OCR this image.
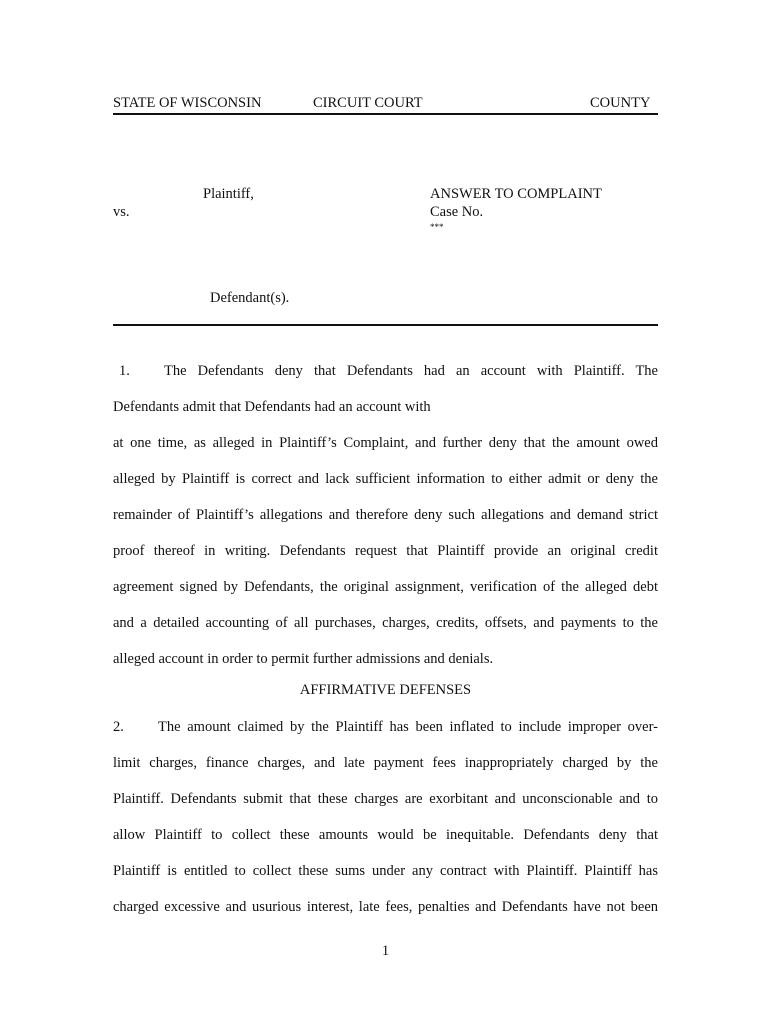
STATE OF WISCONSIN	CIRCUIT COURT	COUNTY
Plaintiff,
vs.
Defendant(s).
ANSWER TO COMPLAINT
Case No.
***
1. The Defendants deny that Defendants had an account with Plaintiff. The
Defendants admit that Defendants had an account with
at one time, as alleged in Plaintiff’s Complaint, and further deny that the amount owed
alleged by Plaintiff is correct and lack sufficient information to either admit or deny the
remainder of Plaintiff’s allegations and therefore deny such allegations and demand strict
proof thereof in writing. Defendants request that Plaintiff provide an original credit
agreement signed by Defendants, the original assignment, verification of the alleged debt
and a detailed accounting of all purchases, charges, credits, offsets, and payments to the
alleged account in order to permit further admissions and denials.
AFFIRMATIVE DEFENSES
2. The amount claimed by the Plaintiff has been inflated to include improper over-
limit charges, finance charges, and late payment fees inappropriately charged by the
Plaintiff. Defendants submit that these charges are exorbitant and unconscionable and to
allow Plaintiff to collect these amounts would be inequitable. Defendants deny that
Plaintiff is entitled to collect these sums under any contract with Plaintiff. Plaintiff has
charged excessive and usurious interest, late fees, penalties and Defendants have not been
1
